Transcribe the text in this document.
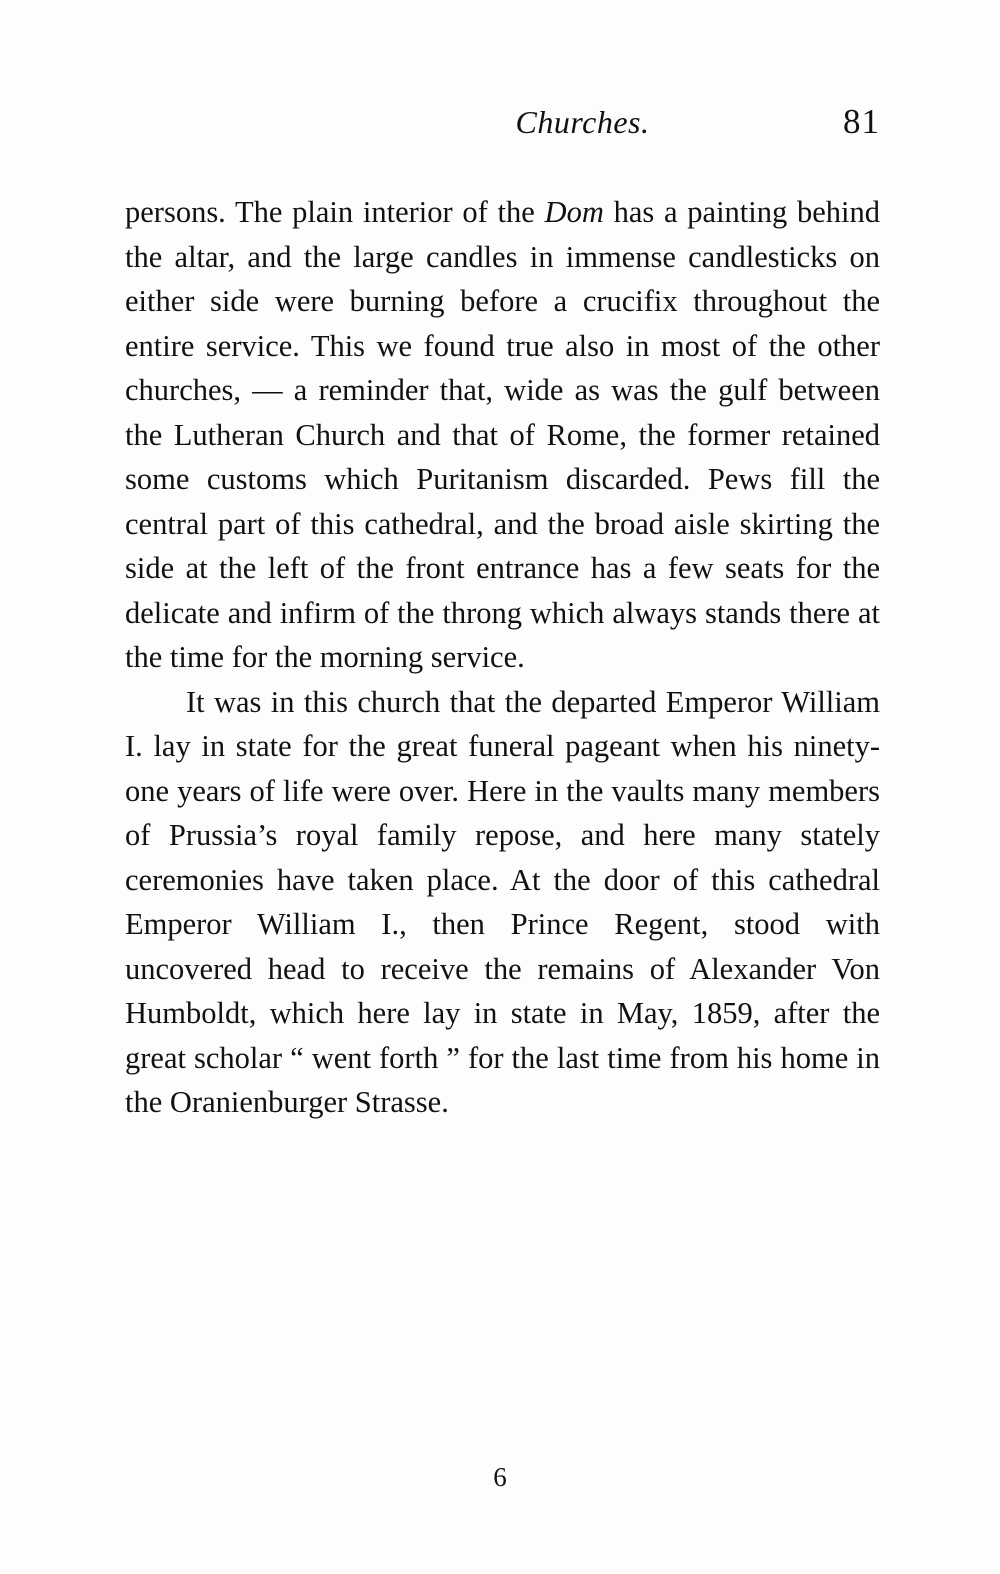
Churches.	81

persons. The plain interior of the Dom has a painting behind the altar, and the large candles in immense candlesticks on either side were burning before a crucifix throughout the entire service. This we found true also in most of the other churches, — a reminder that, wide as was the gulf between the Lutheran Church and that of Rome, the former retained some customs which Puritanism discarded. Pews fill the central part of this cathedral, and the broad aisle skirting the side at the left of the front entrance has a few seats for the delicate and infirm of the throng which always stands there at the time for the morning service.

It was in this church that the departed Emperor William I. lay in state for the great funeral pageant when his ninety-one years of life were over. Here in the vaults many members of Prussia’s royal family repose, and here many stately ceremonies have taken place. At the door of this cathedral Emperor William I., then Prince Regent, stood with uncovered head to receive the remains of Alexander Von Humboldt, which here lay in state in May, 1859, after the great scholar “ went forth ” for the last time from his home in the Oranienburger Strasse.

6
